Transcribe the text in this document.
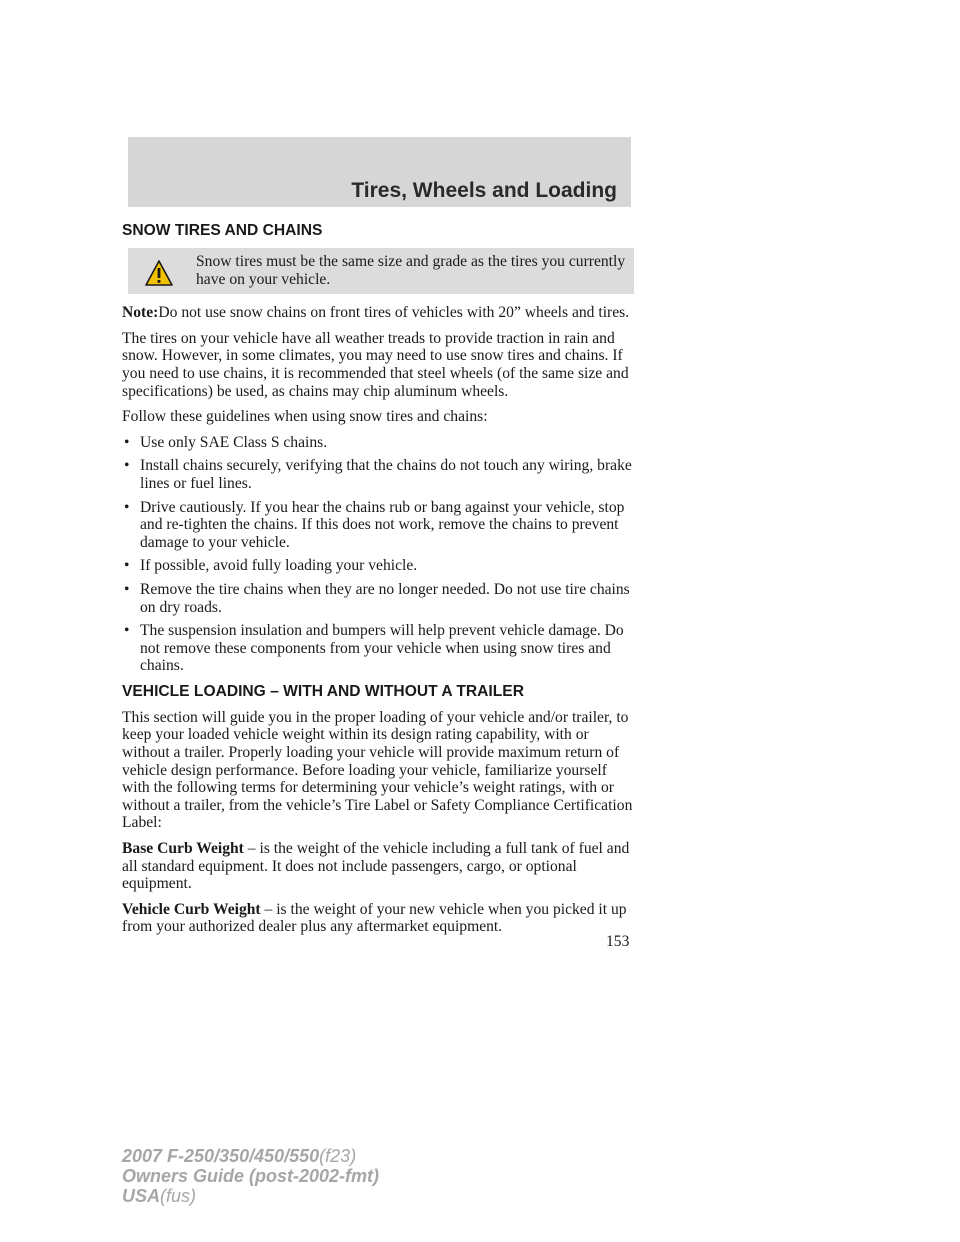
Tires, Wheels and Loading
SNOW TIRES AND CHAINS
Snow tires must be the same size and grade as the tires you currently have on your vehicle.

Note:Do not use snow chains on front tires of vehicles with 20” wheels and tires.

The tires on your vehicle have all weather treads to provide traction in rain and snow. However, in some climates, you may need to use snow tires and chains. If you need to use chains, it is recommended that steel wheels (of the same size and specifications) be used, as chains may chip aluminum wheels.

Follow these guidelines when using snow tires and chains:

• Use only SAE Class S chains.
• Install chains securely, verifying that the chains do not touch any wiring, brake lines or fuel lines.
• Drive cautiously. If you hear the chains rub or bang against your vehicle, stop and re-tighten the chains. If this does not work, remove the chains to prevent damage to your vehicle.
• If possible, avoid fully loading your vehicle.
• Remove the tire chains when they are no longer needed. Do not use tire chains on dry roads.
• The suspension insulation and bumpers will help prevent vehicle damage. Do not remove these components from your vehicle when using snow tires and chains.
VEHICLE LOADING – WITH AND WITHOUT A TRAILER

This section will guide you in the proper loading of your vehicle and/or trailer, to keep your loaded vehicle weight within its design rating capability, with or without a trailer. Properly loading your vehicle will provide maximum return of vehicle design performance. Before loading your vehicle, familiarize yourself with the following terms for determining your vehicle’s weight ratings, with or without a trailer, from the vehicle’s Tire Label or Safety Compliance Certification Label:

Base Curb Weight – is the weight of the vehicle including a full tank of fuel and all standard equipment. It does not include passengers, cargo, or optional equipment.

Vehicle Curb Weight – is the weight of your new vehicle when you picked it up from your authorized dealer plus any aftermarket equipment.

153
2007 F-250/350/450/550(f23)
Owners Guide (post-2002-fmt)
USA(fus)
